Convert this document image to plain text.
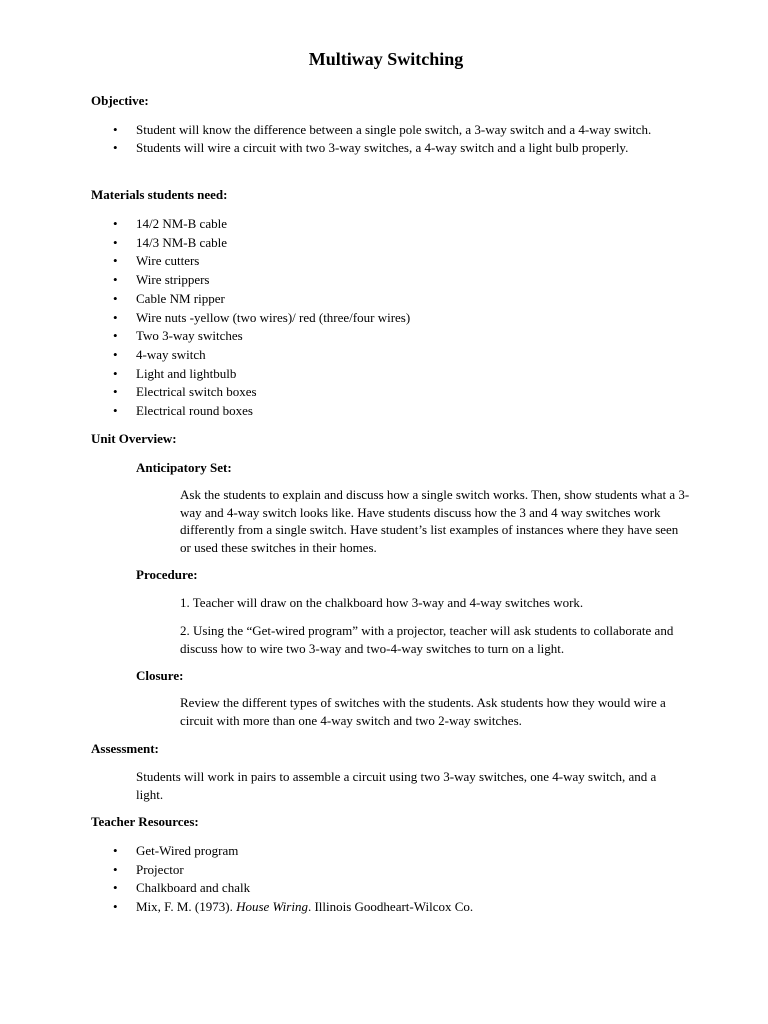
Multiway Switching
Objective:
• Student will know the difference between a single pole switch, a 3-way switch and a 4-way switch.
• Students will wire a circuit with two 3-way switches, a 4-way switch and a light bulb properly.
Materials students need:
• 14/2 NM-B cable
• 14/3 NM-B cable
• Wire cutters
• Wire strippers
• Cable NM ripper
• Wire nuts -yellow (two wires)/ red (three/four wires)
• Two 3-way switches
• 4-way switch
• Light and lightbulb
• Electrical switch boxes
• Electrical round boxes
Unit Overview:
Anticipatory Set:

Ask the students to explain and discuss how a single switch works. Then, show students what a 3-way and 4-way switch looks like. Have students discuss how the 3 and 4 way switches work differently from a single switch. Have student’s list examples of instances where they have seen or used these switches in their homes.

Procedure:

1. Teacher will draw on the chalkboard how 3-way and 4-way switches work.

2. Using the “Get-wired program” with a projector, teacher will ask students to collaborate and discuss how to wire two 3-way and two-4-way switches to turn on a light.

Closure:

Review the different types of switches with the students. Ask students how they would wire a circuit with more than one 4-way switch and two 2-way switches.

Assessment:

Students will work in pairs to assemble a circuit using two 3-way switches, one 4-way switch, and a light.

Teacher Resources:
• Get-Wired program
• Projector
• Chalkboard and chalk
• Mix, F. M. (1973). House Wiring. Illinois Goodheart-Wilcox Co.
